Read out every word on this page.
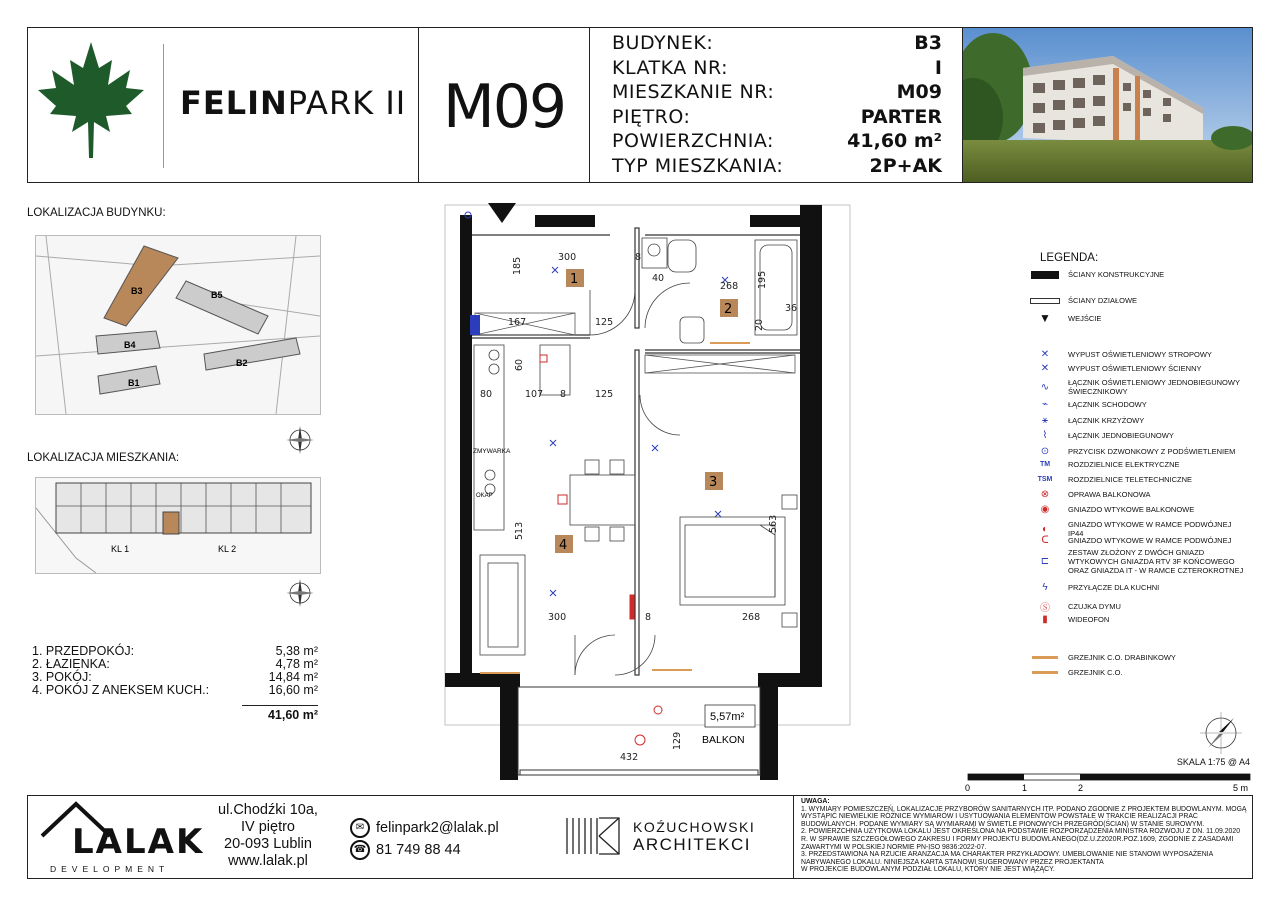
FELINPARK II M09
BUDYNEK:	B3
KLATKA NR:	I
MIESZKANIE NR:	M09
PIĘTRO:	PARTER
POWIERZCHNIA:	41,60 m²
TYP MIESZKANIA:	2P+AK
LOKALIZACJA BUDYNKU:
B3	B5
B4
B2
B1
LOKALIZACJA MIESZKANIA:
KL 1	KL 2
1. PRZEDPOKÓJ:	5,38 m²
2. ŁAZIENKA:	4,78 m²
3. POKÓJ:	14,84 m²
4. POKÓJ Z ANEKSEM KUCH.:	16,60 m²
41,60 m²
1
2
3
4
ZMYWARKA
OKAP
300
185	8
40
268 195
167	125
36
20
60
80	107 8	125
513	563
300	268
8
432
129
5,57m²
BALKON
LEGENDA:
ŚCIANY KONSTRUKCYJNE
ŚCIANY DZIAŁOWE
▼ WEJŚCIE
✕	WYPUST OŚWIETLENIOWY STROPOWY
✕	WYPUST OŚWIETLENIOWY ŚCIENNY
∿	ŁĄCZNIK OŚWIETLENIOWY JEDNOBIEGUNOWY ŚWIECZNIKOWY
⌁	ŁĄCZNIK SCHODOWY
⚹	ŁĄCZNIK KRZYŻOWY
⌇	ŁĄCZNIK JEDNOBIEGUNOWY
⊙	PRZYCISK DZWONKOWY Z PODŚWIETLENIEM
TM ROZDZIELNICE ELEKTRYCZNE
TSM ROZDZIELNICE TELETECHNICZNE
⊗	OPRAWA BALKONOWA
◉ GNIAZDO WTYKOWE BALKONOWE
◐	GNIAZDO WTYKOWE W RAMCE PODWÓJNEJ IP44
ᑕ	GNIAZDO WTYKOWE W RAMCE PODWÓJNEJ
⊏
ZESTAW ZŁOŻONY Z DWÓCH GNIAZD WTYKOWYCH GNIAZDA RTV 3F KOŃCOWEGO ORAZ GNIAZDA IT - W RAMCE CZTEROKROTNEJ
ϟ	PRZYŁĄCZE DLA KUCHNI
Ⓢ CZUJKA DYMU
▮	WIDEOFON
GRZEJNIK C.O. DRABINKOWY
GRZEJNIK C.O.
SKALA 1:75 @ A4
0	1	2	5 m
LALAK
DEVELOPMENT
ul.Chodźki 10a,
IV piętro
20-093 Lublin
www.lalak.pl
✉ felinpark2@lalak.pl
☎ 81 749 88 44
KOŹUCHOWSKI
ARCHITEKCI
UWAGA:
1. WYMIARY POMIESZCZEŃ, LOKALIZACJE PRZYBORÓW SANITARNYCH ITP. PODANO ZGODNIE Z PROJEKTEM BUDOWLANYM. MOGĄ WYSTĄPIĆ NIEWIELKIE RÓŻNICE WYMIARÓW I USYTUOWANIA ELEMENTÓW POWSTAŁE W TRAKCIE REALIZACJI PRAC BUDOWLANYCH. PODANE WYMIARY SĄ WYMIARAMI W ŚWIETLE PIONOWYCH PRZEGRÓD(ŚCIAN) W STANIE SUROWYM.
2. POWIERZCHNIA UŻYTKOWA LOKALU JEST OKREŚLONA NA PODSTAWIE ROZPORZĄDZENIA MINISTRA ROZWOJU Z DN. 11.09.2020 R. W SPRAWIE SZCZEGÓŁOWEGO ZAKRESU I FORMY PROJEKTU BUDOWLANEGO(DZ.U.Z2020R.POZ.1609, ZGODNIE Z ZASADAMI ZAWARTYMI W POLSKIEJ NORMIE PN-ISO 9836:2022-07.
3. PRZEDSTAWIONA NA RZUCIE ARANŻACJA MA CHARAKTER PRZYKŁADOWY. UMEBLOWANIE NIE STANOWI WYPOSAŻENIA NABYWANEGO LOKALU. NINIEJSZA KARTA STANOWI SUGEROWANY PRZEZ PROJEKTANTA
W PROJEKCIE BUDOWLANYM PODZIAŁ LOKALU, KTÓRY NIE JEST WIĄŻĄCY.
